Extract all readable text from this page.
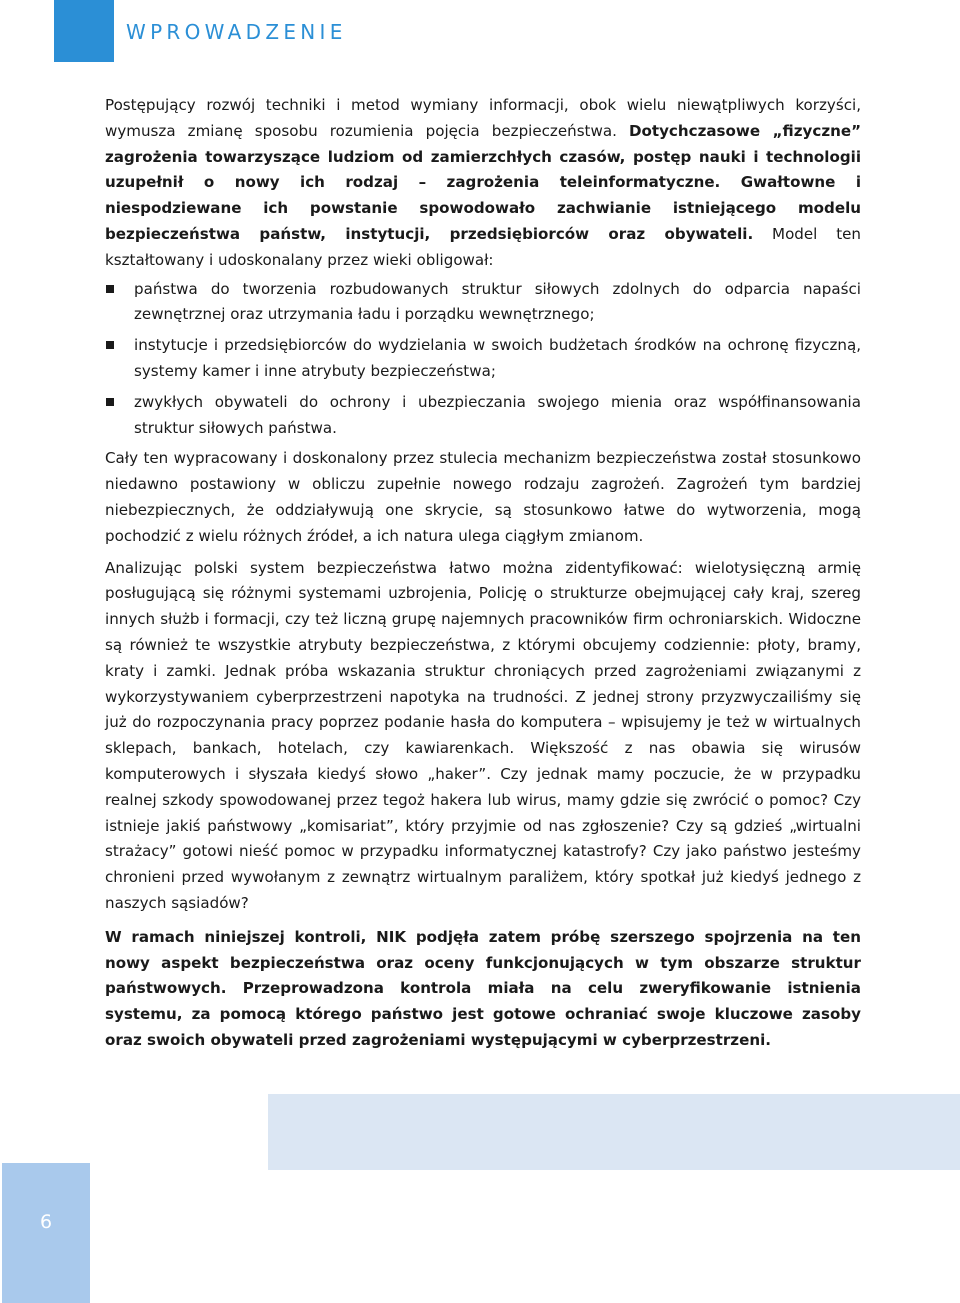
WPROWADZENIE

Postępujący rozwój techniki i metod wymiany informacji, obok wielu niewątpliwych korzyści, wymusza zmianę sposobu rozumienia pojęcia bezpieczeństwa. Dotychczasowe „fizyczne” zagrożenia towarzyszące ludziom od zamierzchłych czasów, postęp nauki i technologii uzupełnił o nowy ich rodzaj – zagrożenia teleinformatyczne. Gwałtowne i niespodziewane ich powstanie spowodowało zachwianie istniejącego modelu bezpieczeństwa państw, instytucji, przedsiębiorców oraz obywateli. Model ten kształtowany i udoskonalany przez wieki obligował:

państwa do tworzenia rozbudowanych struktur siłowych zdolnych do odparcia napaści zewnętrznej oraz utrzymania ładu i porządku wewnętrznego;
instytucje i przedsiębiorców do wydzielania w swoich budżetach środków na ochronę fizyczną, systemy kamer i inne atrybuty bezpieczeństwa;
zwykłych obywateli do ochrony i ubezpieczania swojego mienia oraz współfinansowania struktur siłowych państwa.

Cały ten wypracowany i doskonalony przez stulecia mechanizm bezpieczeństwa został stosunkowo niedawno postawiony w obliczu zupełnie nowego rodzaju zagrożeń. Zagrożeń tym bardziej niebezpiecznych, że oddziaływują one skrycie, są stosunkowo łatwe do wytworzenia, mogą pochodzić z wielu różnych źródeł, a ich natura ulega ciągłym zmianom.

Analizując polski system bezpieczeństwa łatwo można zidentyfikować: wielotysięczną armię posługującą się różnymi systemami uzbrojenia, Policję o strukturze obejmującej cały kraj, szereg innych służb i formacji, czy też liczną grupę najemnych pracowników firm ochroniarskich. Widoczne są również te wszystkie atrybuty bezpieczeństwa, z którymi obcujemy codziennie: płoty, bramy, kraty i zamki. Jednak próba wskazania struktur chroniących przed zagrożeniami związanymi z wykorzystywaniem cyberprzestrzeni napotyka na trudności. Z jednej strony przyzwyczailiśmy się już do rozpoczynania pracy poprzez podanie hasła do komputera – wpisujemy je też w wirtualnych sklepach, bankach, hotelach, czy kawiarenkach. Większość z nas obawia się wirusów komputerowych i słyszała kiedyś słowo „haker”. Czy jednak mamy poczucie, że w przypadku realnej szkody spowodowanej przez tegoż hakera lub wirus, mamy gdzie się zwrócić o pomoc? Czy istnieje jakiś państwowy „komisariat”, który przyjmie od nas zgłoszenie? Czy są gdzieś „wirtualni strażacy” gotowi nieść pomoc w przypadku informatycznej katastrofy? Czy jako państwo jesteśmy chronieni przed wywołanym z zewnątrz wirtualnym paraliżem, który spotkał już kiedyś jednego z naszych sąsiadów?

W ramach niniejszej kontroli, NIK podjęła zatem próbę szerszego spojrzenia na ten nowy aspekt bezpieczeństwa oraz oceny funkcjonujących w tym obszarze struktur państwowych. Przeprowadzona kontrola miała na celu zweryfikowanie istnienia systemu, za pomocą którego państwo jest gotowe ochraniać swoje kluczowe zasoby oraz swoich obywateli przed zagrożeniami występującymi w cyberprzestrzeni.

6
